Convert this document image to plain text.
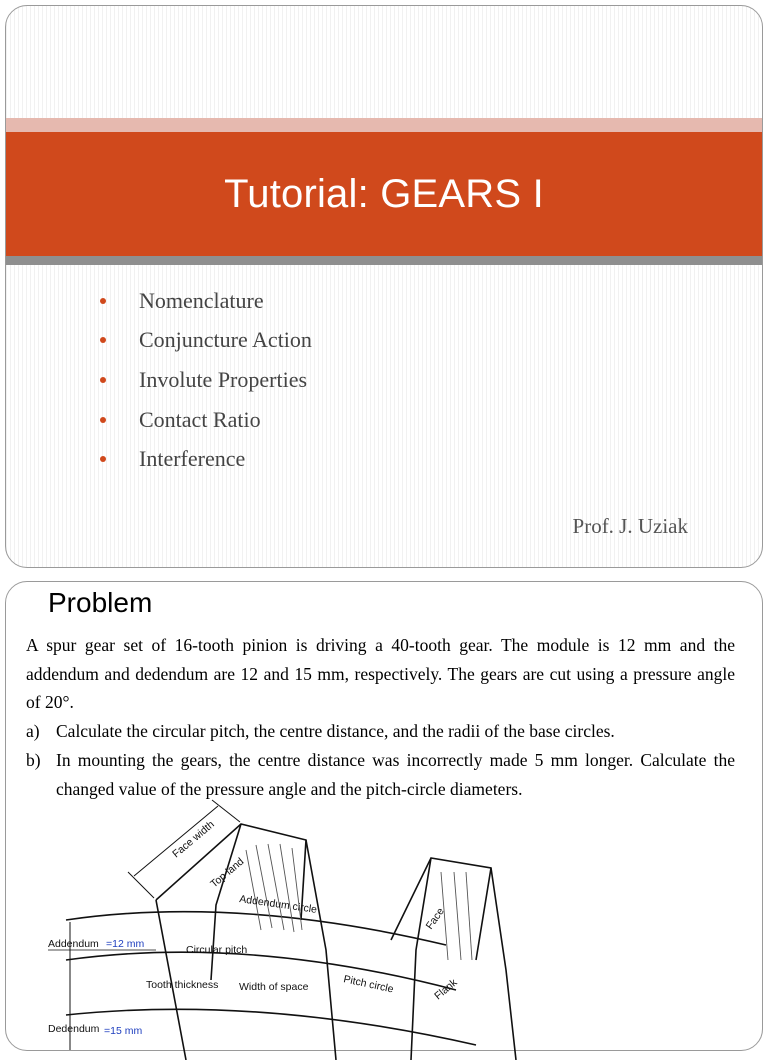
Tutorial: GEARS I
Nomenclature
Conjuncture Action
Involute Properties
Contact Ratio
Interference
Prof. J. Uziak
Problem

A spur gear set of 16-tooth pinion is driving a 40-tooth gear. The module is 12 mm and the addendum and dedendum are 12 and 15 mm, respectively. The gears are cut using a pressure angle of 20°.

a) Calculate the circular pitch, the centre distance, and the radii of the base circles.
b) In mounting the gears, the centre distance was incorrectly made 5 mm longer. Calculate the changed value of the pressure angle and the pitch-circle diameters.
Face width
Top land
Addendum circle
Face
Addendum =12 mm	Circular pitch
Pitch circle	Flank
Tooth thickness Width of space
Dedendum =15 mm
